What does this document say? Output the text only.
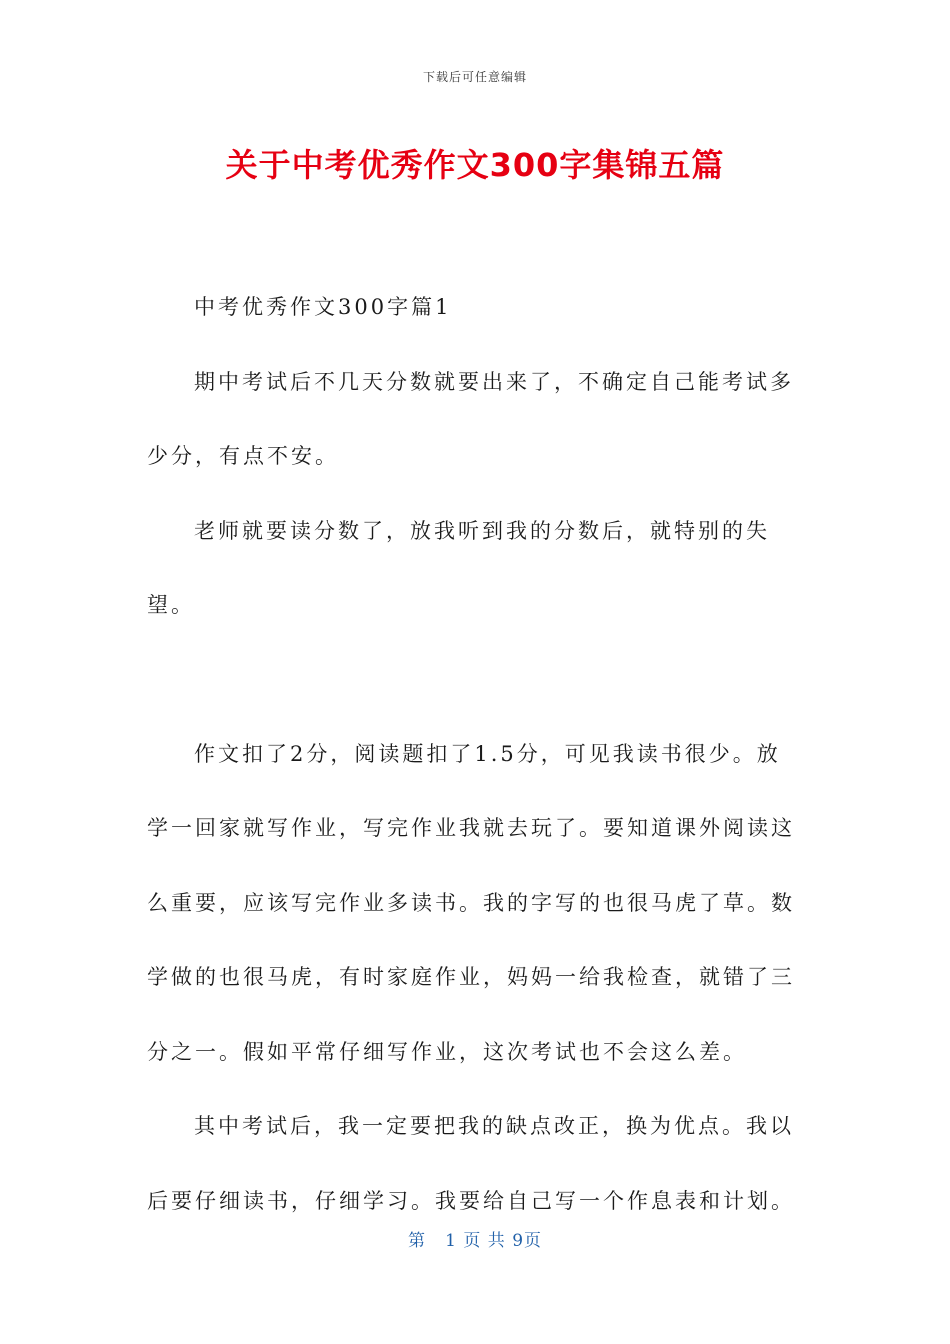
下载后可任意编辑
关于中考优秀作文300字集锦五篇

中考优秀作文300字篇1

期中考试后不几天分数就要出来了，不确定自己能考试多少分，有点不安。

老师就要读分数了，放我听到我的分数后，就特别的失望。

作文扣了2分，阅读题扣了1.5分，可见我读书很少。放学一回家就写作业，写完作业我就去玩了。要知道课外阅读这么重要，应该写完作业多读书。我的字写的也很马虎了草。数学做的也很马虎，有时家庭作业，妈妈一给我检查，就错了三分之一。假如平常仔细写作业，这次考试也不会这么差。

其中考试后，我一定要把我的缺点改正，换为优点。我以后要仔细读书，仔细学习。我要给自己写一个作息表和计划。

第 1 页 共 9页
